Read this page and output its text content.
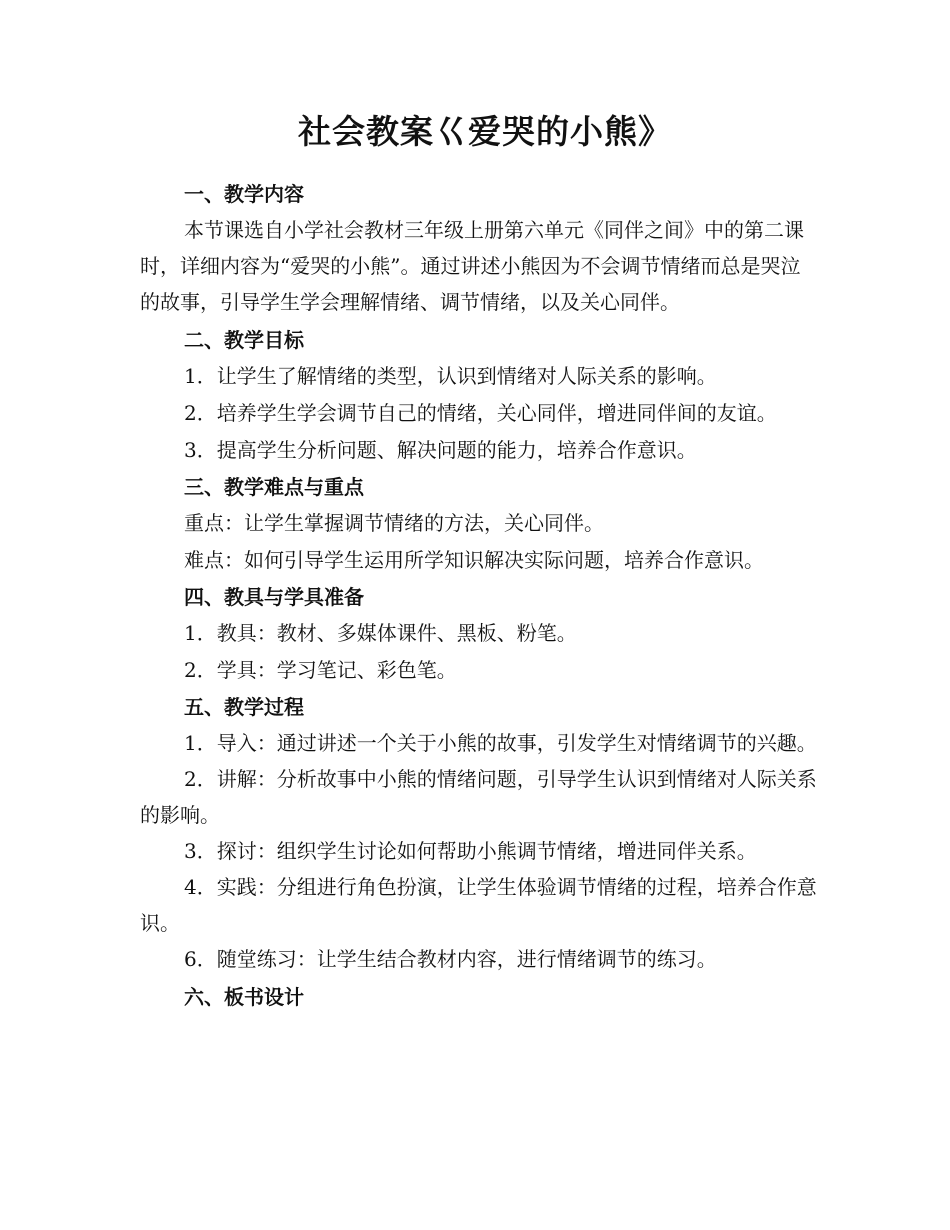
社会教案巜爱哭的小熊》
一、教学内容

本节课选自小学社会教材三年级上册第六单元《同伴之间》中的第二课时，详细内容为“爱哭的小熊”。通过讲述小熊因为不会调节情绪而总是哭泣的故事，引导学生学会理解情绪、调节情绪，以及关心同伴。

二、教学目标
1．让学生了解情绪的类型，认识到情绪对人际关系的影响。
2．培养学生学会调节自己的情绪，关心同伴，增进同伴间的友谊。
3．提高学生分析问题、解决问题的能力，培养合作意识。
三、教学难点与重点
重点：让学生掌握调节情绪的方法，关心同伴。
难点：如何引导学生运用所学知识解决实际问题，培养合作意识。
四、教具与学具准备
1．教具：教材、多媒体课件、黑板、粉笔。
2．学具：学习笔记、彩色笔。
五、教学过程

1．导入：通过讲述一个关于小熊的故事，引发学生对情绪调节的兴趣。

2．讲解：分析故事中小熊的情绪问题，引导学生认识到情绪对人际关系的影响。

3．探讨：组织学生讨论如何帮助小熊调节情绪，增进同伴关系。

4．实践：分组进行角色扮演，让学生体验调节情绪的过程，培养合作意识。

6．随堂练习：让学生结合教材内容，进行情绪调节的练习。

六、板书设计
